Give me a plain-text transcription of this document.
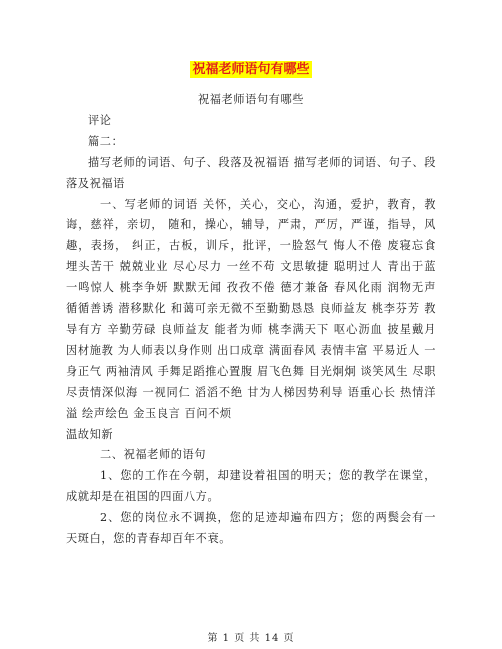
祝福老师语句有哪些

祝福老师语句有哪些

评论

篇二：

描写老师的词语、句子、段落及祝福语 描写老师的词语、句子、段落及祝福语

一、写老师的词语 关怀，关心，交心，沟通，爱护，教育，教诲，慈祥，亲切， 随和，操心，辅导，严肃，严厉，严谨，指导，风趣，表扬， 纠正，古板，训斥，批评，一脸怒气 悔人不倦 废寝忘食 埋头苦干 兢兢业业 尽心尽力 一丝不苟 文思敏捷 聪明过人 青出于蓝 一鸣惊人 桃李争妍 默默无闻 孜孜不倦 德才兼备 春风化雨 润物无声 循循善诱 潜移默化 和蔼可亲无微不至勤勤恳恳 良师益友 桃李芬芳 教导有方 辛勤劳碌 良师益友 能者为师 桃李满天下 呕心沥血 披星戴月 因材施教 为人师表以身作则 出口成章 满面春风 表情丰富 平易近人 一身正气 两袖清风 手舞足蹈推心置腹 眉飞色舞 目光炯炯 谈笑风生 尽职尽责情深似海 一视同仁 滔滔不绝 甘为人梯因势利导 语重心长 热情洋溢 绘声绘色 金玉良言 百问不烦

温故知新

二、祝福老师的语句

1、您的工作在今朝，却建设着祖国的明天；您的教学在课堂，成就却是在祖国的四面八方。

2、您的岗位永不调换，您的足迹却遍布四方；您的两鬓会有一天斑白，您的青春却百年不衰。

第 1 页 共 14 页
